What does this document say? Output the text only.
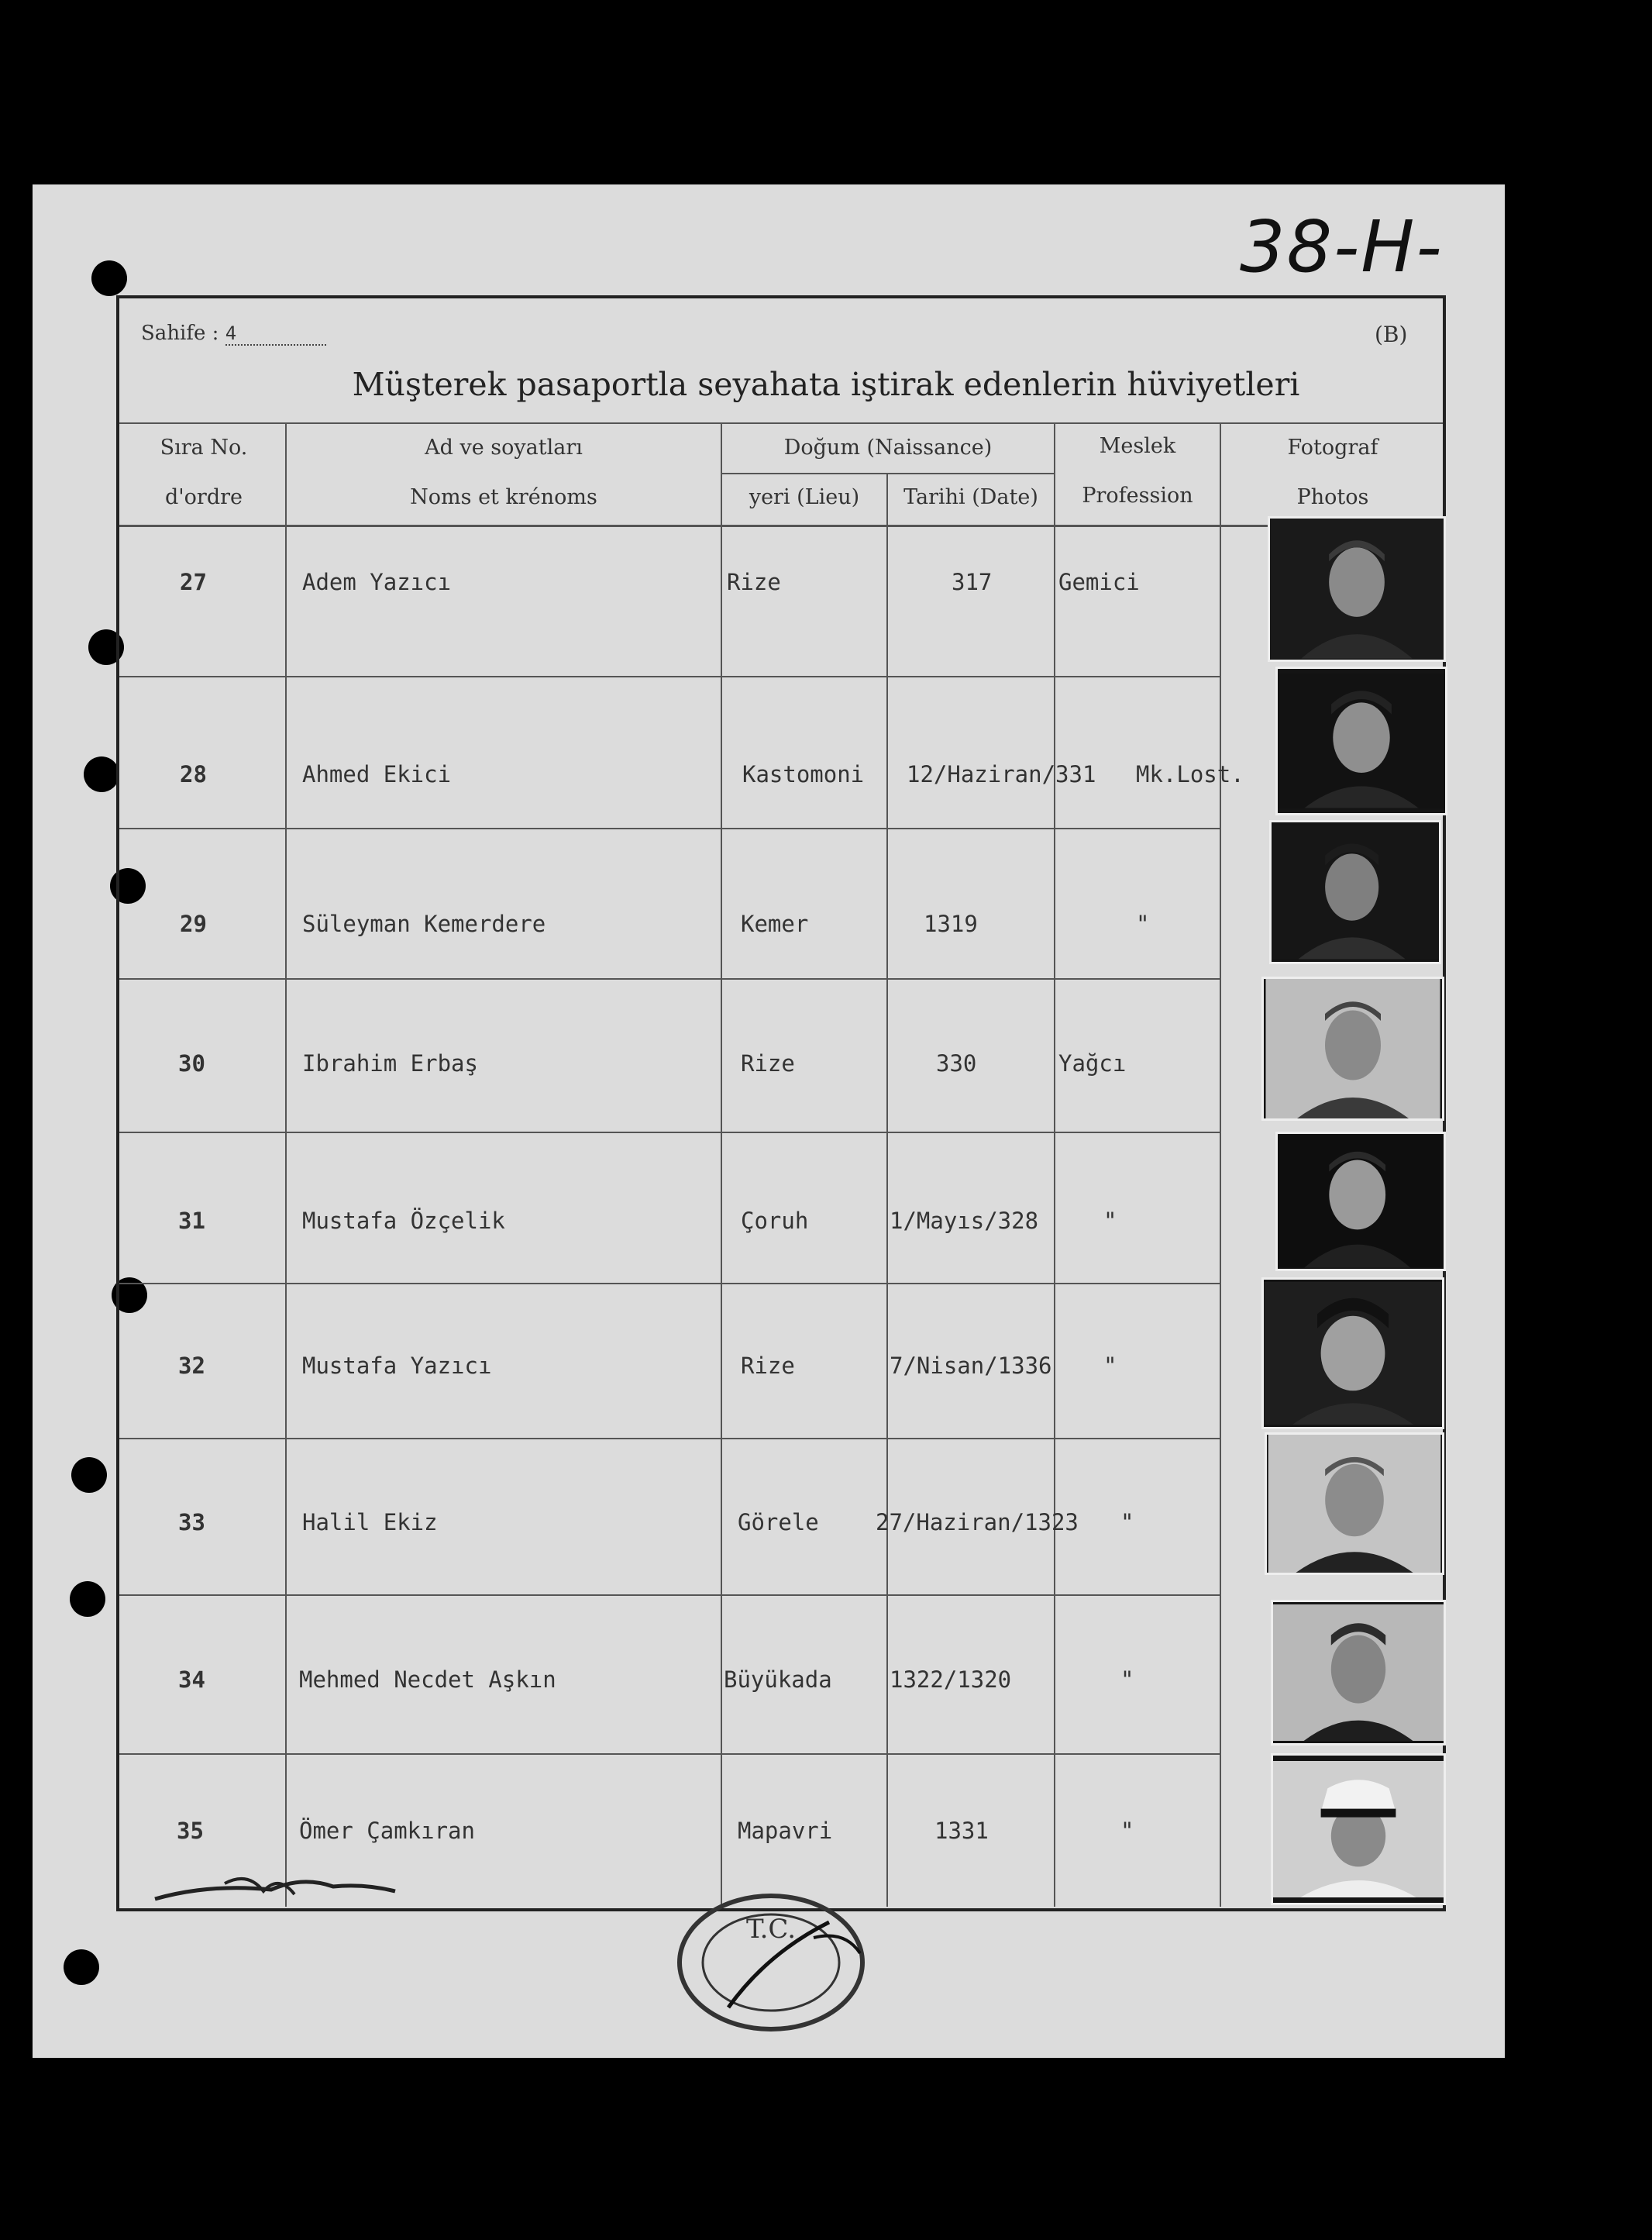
38-H-
Sahife : 4	(B)
Müşterek pasaportla seyahata iştirak edenlerin hüviyetleri
Sıra No.
d'ordre
Ad ve soyatları
Noms et krénoms
Doğum (Naissance)
yeri (Lieu)	Tarihi (Date)
Meslek
Profession
Fotograf
Photos
27	Adem Yazıcı	Rize	317	Gemici
28	Ahmed Ekici	Kastomoni 12/Haziran/331 Mk.Lost.
29	Süleyman Kemerdere	Kemer	1319	"
30	Ibrahim Erbaş	Rize	330	Yağcı
31	Mustafa Özçelik	Çoruh	1/Mayıs/328	"
32	Mustafa Yazıcı	Rize	7/Nisan/1336 "
33	Halil Ekiz	Görele	27/Haziran/1323 "
34	Mehmed Necdet Aşkın	Büyükada	1322/1320	"
35	Ömer Çamkıran	Mapavri	1331	"
T.C.
